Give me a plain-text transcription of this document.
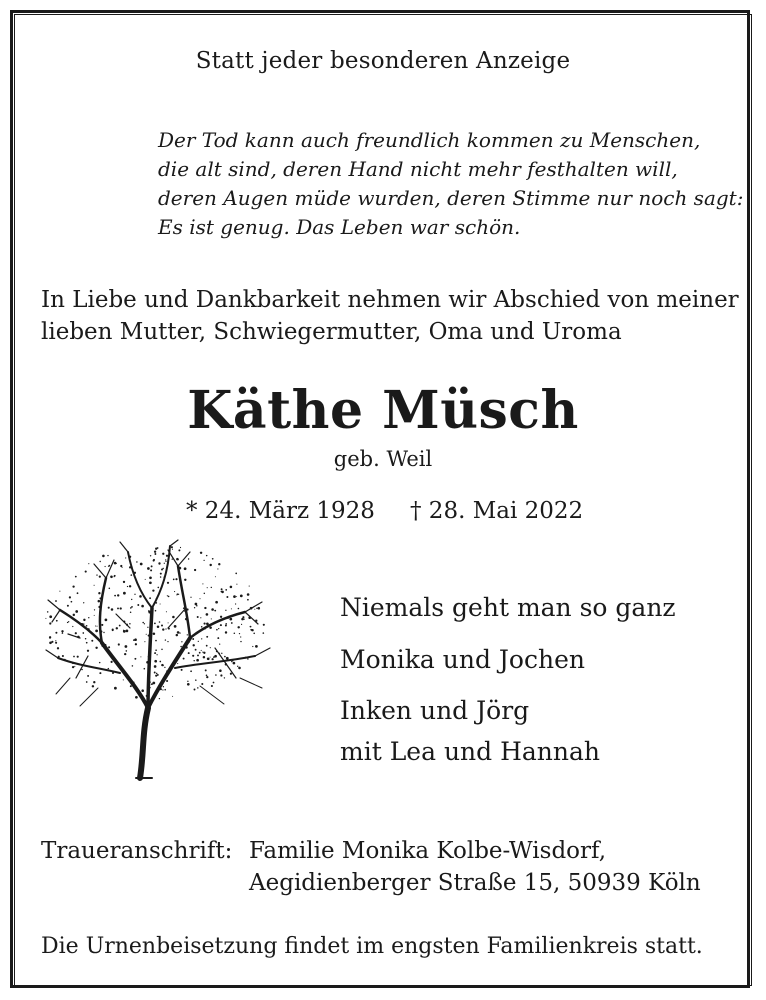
Statt jeder besonderen Anzeige
Der Tod kann auch freundlich kommen zu Menschen,
die alt sind, deren Hand nicht mehr festhalten will,
deren Augen müde wurden, deren Stimme nur noch sagt:
Es ist genug. Das Leben war schön.
In Liebe und Dankbarkeit nehmen wir Abschied von meiner
lieben Mutter, Schwiegermutter, Oma und Uroma
Käthe Müsch
geb. Weil
* 24. März 1928 † 28. Mai 2022
Niemals geht man so ganz
Monika und Jochen
Inken und Jörg
mit Lea und Hannah
Traueranschrift: Familie Monika Kolbe-Wisdorf,
Aegidienberger Straße 15, 50939 Köln
Die Urnenbeisetzung findet im engsten Familienkreis statt.
